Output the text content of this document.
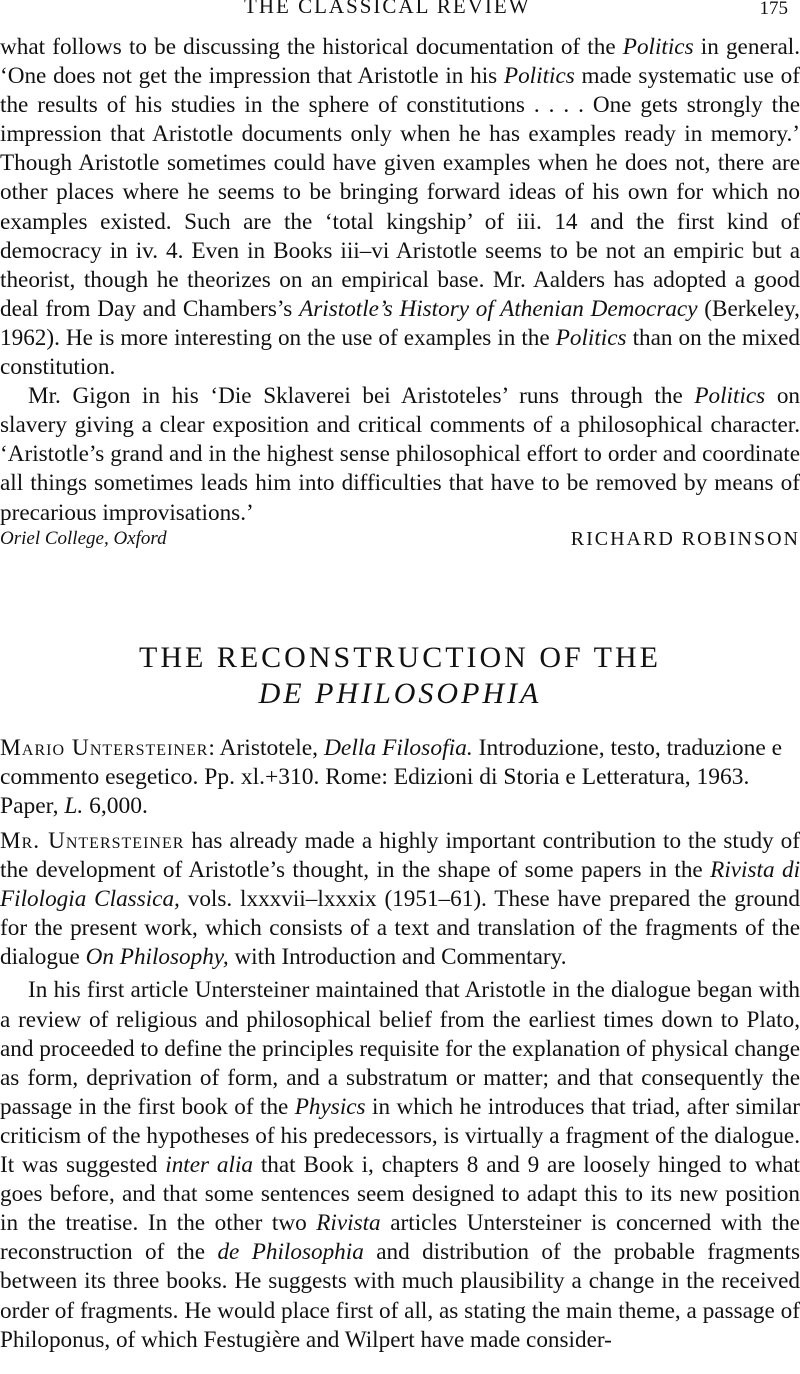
THE CLASSICAL REVIEW	175

what follows to be discussing the historical documentation of the Politics in general. ‘One does not get the impression that Aristotle in his Politics made systematic use of the results of his studies in the sphere of constitutions . . . . One gets strongly the impression that Aristotle documents only when he has examples ready in memory.’ Though Aristotle sometimes could have given examples when he does not, there are other places where he seems to be bringing forward ideas of his own for which no examples existed. Such are the ‘total kingship’ of iii. 14 and the first kind of democracy in iv. 4. Even in Books iii–vi Aristotle seems to be not an empiric but a theorist, though he theorizes on an empirical base. Mr. Aalders has adopted a good deal from Day and Chambers’s Aristotle’s History of Athenian Democracy (Berkeley, 1962). He is more interesting on the use of examples in the Politics than on the mixed constitution.

Mr. Gigon in his ‘Die Sklaverei bei Aristoteles’ runs through the Politics on slavery giving a clear exposition and critical comments of a philosophical character. ‘Aristotle’s grand and in the highest sense philosophical effort to order and coordinate all things sometimes leads him into difficulties that have to be removed by means of precarious improvisations.’

Oriel College, Oxford	RICHARD ROBINSON
THE RECONSTRUCTION OF THE
DE PHILOSOPHIA

Mario Untersteiner: Aristotele, Della Filosofia. Introduzione, testo, traduzione e commento esegetico. Pp. xl.+310. Rome: Edizioni di Storia e Letteratura, 1963. Paper, L. 6,000.

Mr. Untersteiner has already made a highly important contribution to the study of the development of Aristotle’s thought, in the shape of some papers in the Rivista di Filologia Classica, vols. lxxxvii–lxxxix (1951–61). These have prepared the ground for the present work, which consists of a text and translation of the fragments of the dialogue On Philosophy, with Introduction and Commentary.

In his first article Untersteiner maintained that Aristotle in the dialogue began with a review of religious and philosophical belief from the earliest times down to Plato, and proceeded to define the principles requisite for the explanation of physical change as form, deprivation of form, and a substratum or matter; and that consequently the passage in the first book of the Physics in which he introduces that triad, after similar criticism of the hypotheses of his predecessors, is virtually a fragment of the dialogue. It was suggested inter alia that Book i, chapters 8 and 9 are loosely hinged to what goes before, and that some sentences seem designed to adapt this to its new position in the treatise. In the other two Rivista articles Untersteiner is concerned with the reconstruction of the de Philosophia and distribution of the probable fragments between its three books. He suggests with much plausibility a change in the received order of fragments. He would place first of all, as stating the main theme, a passage of Philoponus, of which Festugière and Wilpert have made consider-
